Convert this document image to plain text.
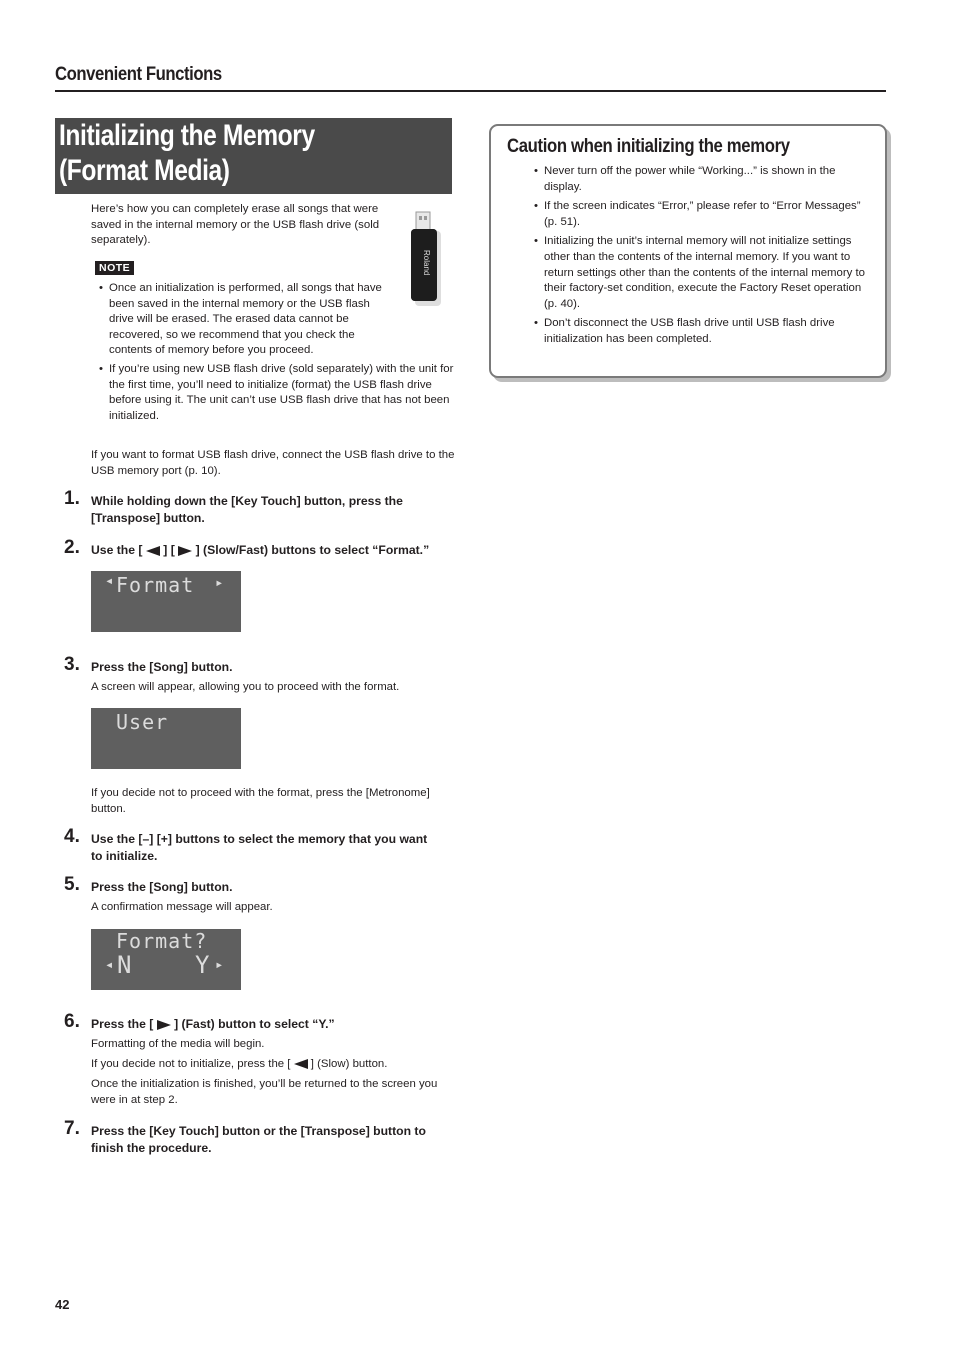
Convenient Functions
Initializing the Memory
(Format Media)
Here’s how you can completely erase all songs that were saved in the internal memory or the USB flash drive (sold separately).
Roland
NOTE
• Once an initialization is performed, all songs that have been saved in the internal memory or the USB flash drive will be erased. The erased data cannot be recovered, so we recommend that you check the contents of memory before you proceed.
• If you’re using new USB flash drive (sold separately) with the unit for the first time, you’ll need to initialize (format) the USB flash drive before using it. The unit can’t use USB flash drive that has not been initialized.
If you want to format USB flash drive, connect the USB flash drive to the USB memory port (p. 10).
1. While holding down the [Key Touch] button, press the [Transpose] button.
2. Use the [ ] [ ] (Slow/Fast) buttons to select “Format.”
◂ Format ▸
3. Press the [Song] button.
A screen will appear, allowing you to proceed with the format.
User
If you decide not to proceed with the format, press the [Metronome] button.
4. Use the [–] [+] buttons to select the memory that you want to initialize.
5. Press the [Song] button.
A confirmation message will appear.
Format?
◂ N	Y ▸
6. Press the [ ] (Fast) button to select “Y.”
Formatting of the media will begin.
If you decide not to initialize, press the [ ] (Slow) button.
Once the initialization is finished, you’ll be returned to the screen you were in at step 2.
7. Press the [Key Touch] button or the [Transpose] button to finish the procedure.
Caution when initializing the memory
• Never turn off the power while “Working...” is shown in the display.
• If the screen indicates “Error,” please refer to “Error Messages” (p. 51).
• Initializing the unit’s internal memory will not initialize settings other than the contents of the internal memory. If you want to return settings other than the contents of the internal memory to their factory-set condition, execute the Factory Reset operation (p. 40).
• Don’t disconnect the USB flash drive until USB flash drive initialization has been completed.
42
